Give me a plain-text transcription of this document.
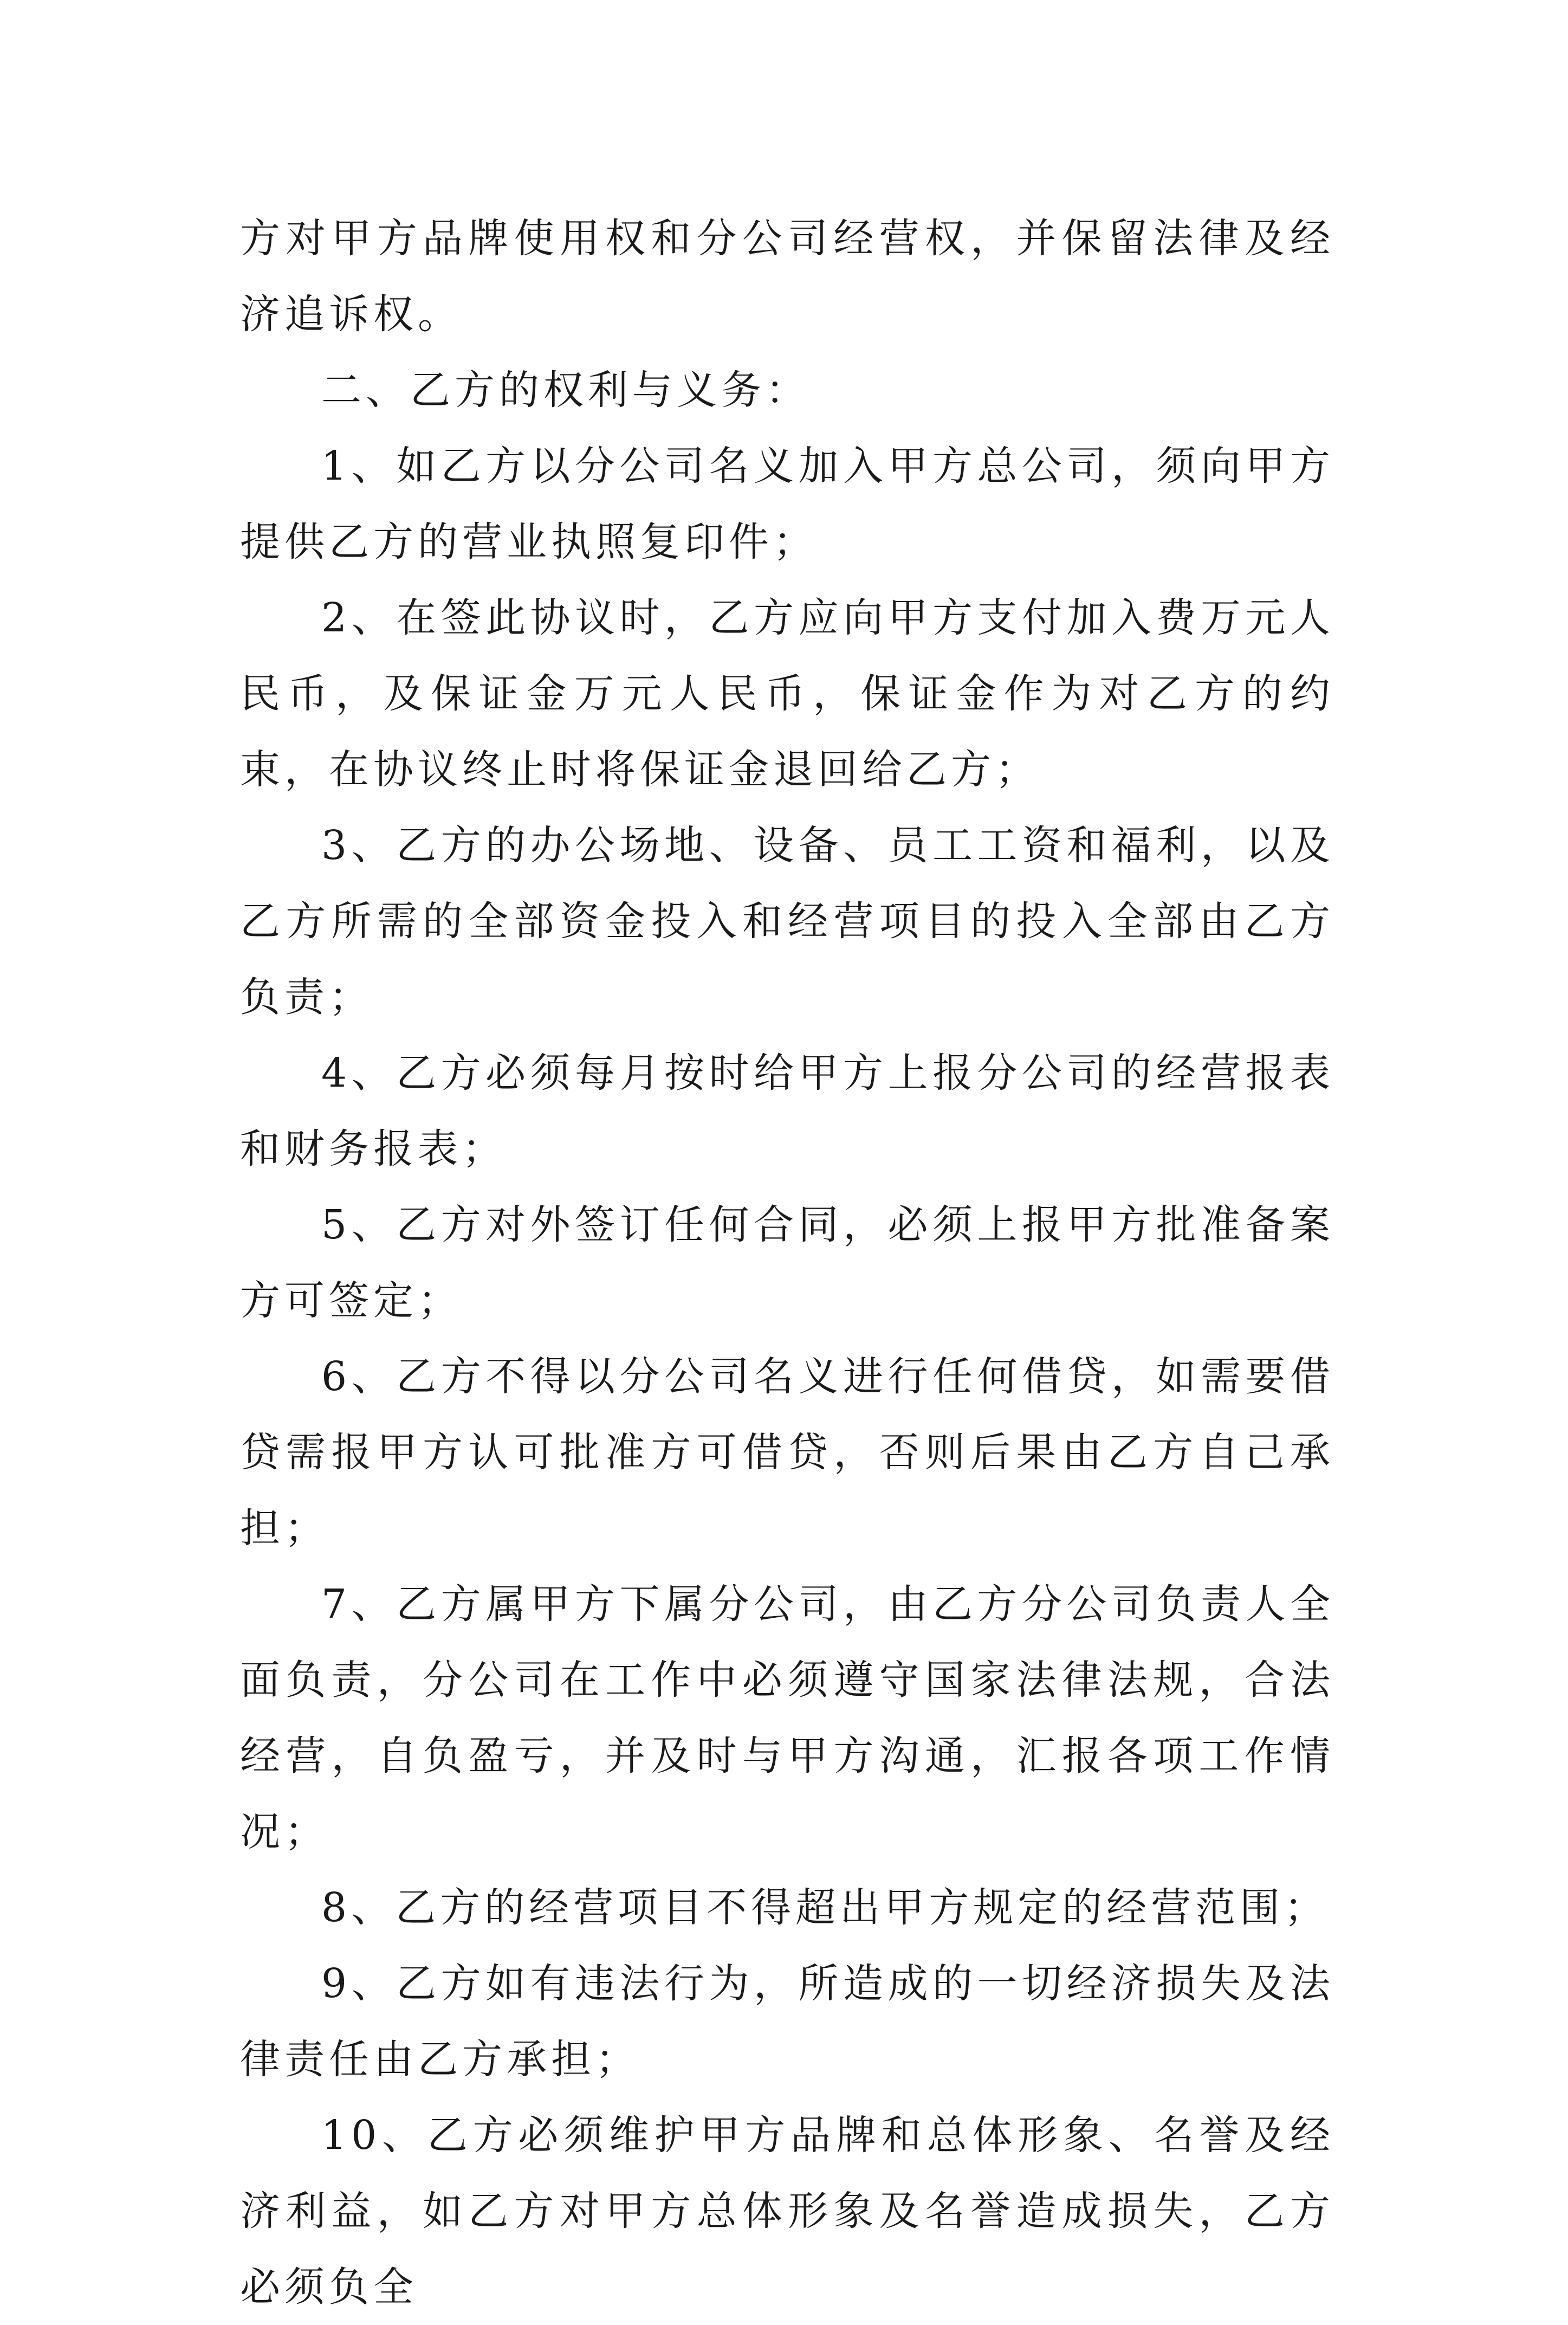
方对甲方品牌使用权和分公司经营权，并保留法律及经济追诉权。

二、乙方的权利与义务：

1、如乙方以分公司名义加入甲方总公司，须向甲方提供乙方的营业执照复印件；

2、在签此协议时，乙方应向甲方支付加入费万元人民币，及保证金万元人民币，保证金作为对乙方的约束，在协议终止时将保证金退回给乙方；

3、乙方的办公场地、设备、员工工资和福利，以及乙方所需的全部资金投入和经营项目的投入全部由乙方负责；

4、乙方必须每月按时给甲方上报分公司的经营报表和财务报表；

5、乙方对外签订任何合同，必须上报甲方批准备案方可签定；

6、乙方不得以分公司名义进行任何借贷，如需要借贷需报甲方认可批准方可借贷，否则后果由乙方自己承担；

7、乙方属甲方下属分公司，由乙方分公司负责人全面负责，分公司在工作中必须遵守国家法律法规，合法经营，自负盈亏，并及时与甲方沟通，汇报各项工作情况；

8、乙方的经营项目不得超出甲方规定的经营范围；

9、乙方如有违法行为，所造成的一切经济损失及法律责任由乙方承担；

10、乙方必须维护甲方品牌和总体形象、名誉及经济利益，如乙方对甲方总体形象及名誉造成损失，乙方必须负全
